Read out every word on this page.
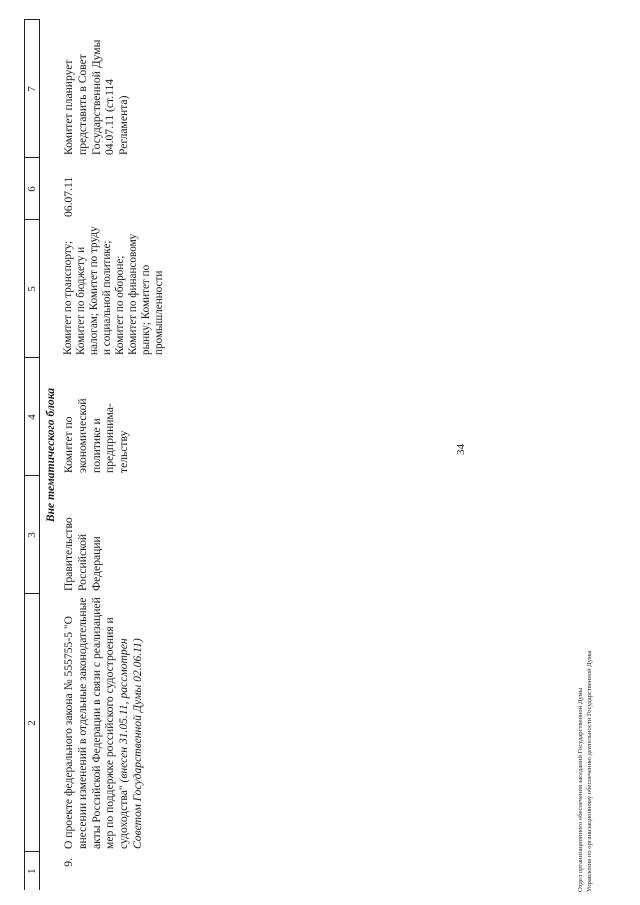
1	2	3	4	5	6	7
Вне тематического блока						
9.	О проекте федерального закона № 555755-5 "О внесении изменений в отдельные законодательные акты Российской Федерации в связи с реализацией мер по поддержке российского судостроения и судоходства" (внесен 31.05.11, рассмотрен Советом Государственной Думы 02.06.11)	Правительство Российской Федерации	Комитет по экономической политике и предпринима-тельству	Комитет по транспорту; Комитет по бюджету и налогам; Комитет по труду и социальной политике; Комитет по обороне; Комитет по финансовому рынку; Комитет по промышленности	06.07.11	Комитет планирует представить в Совет Государственной Думы 04.07.11 (ст.114 Регламента)
34
Отдел организационного обеспечения заседаний Государственной Думы Управления по организационному обеспечению деятельности Государственной Думы
